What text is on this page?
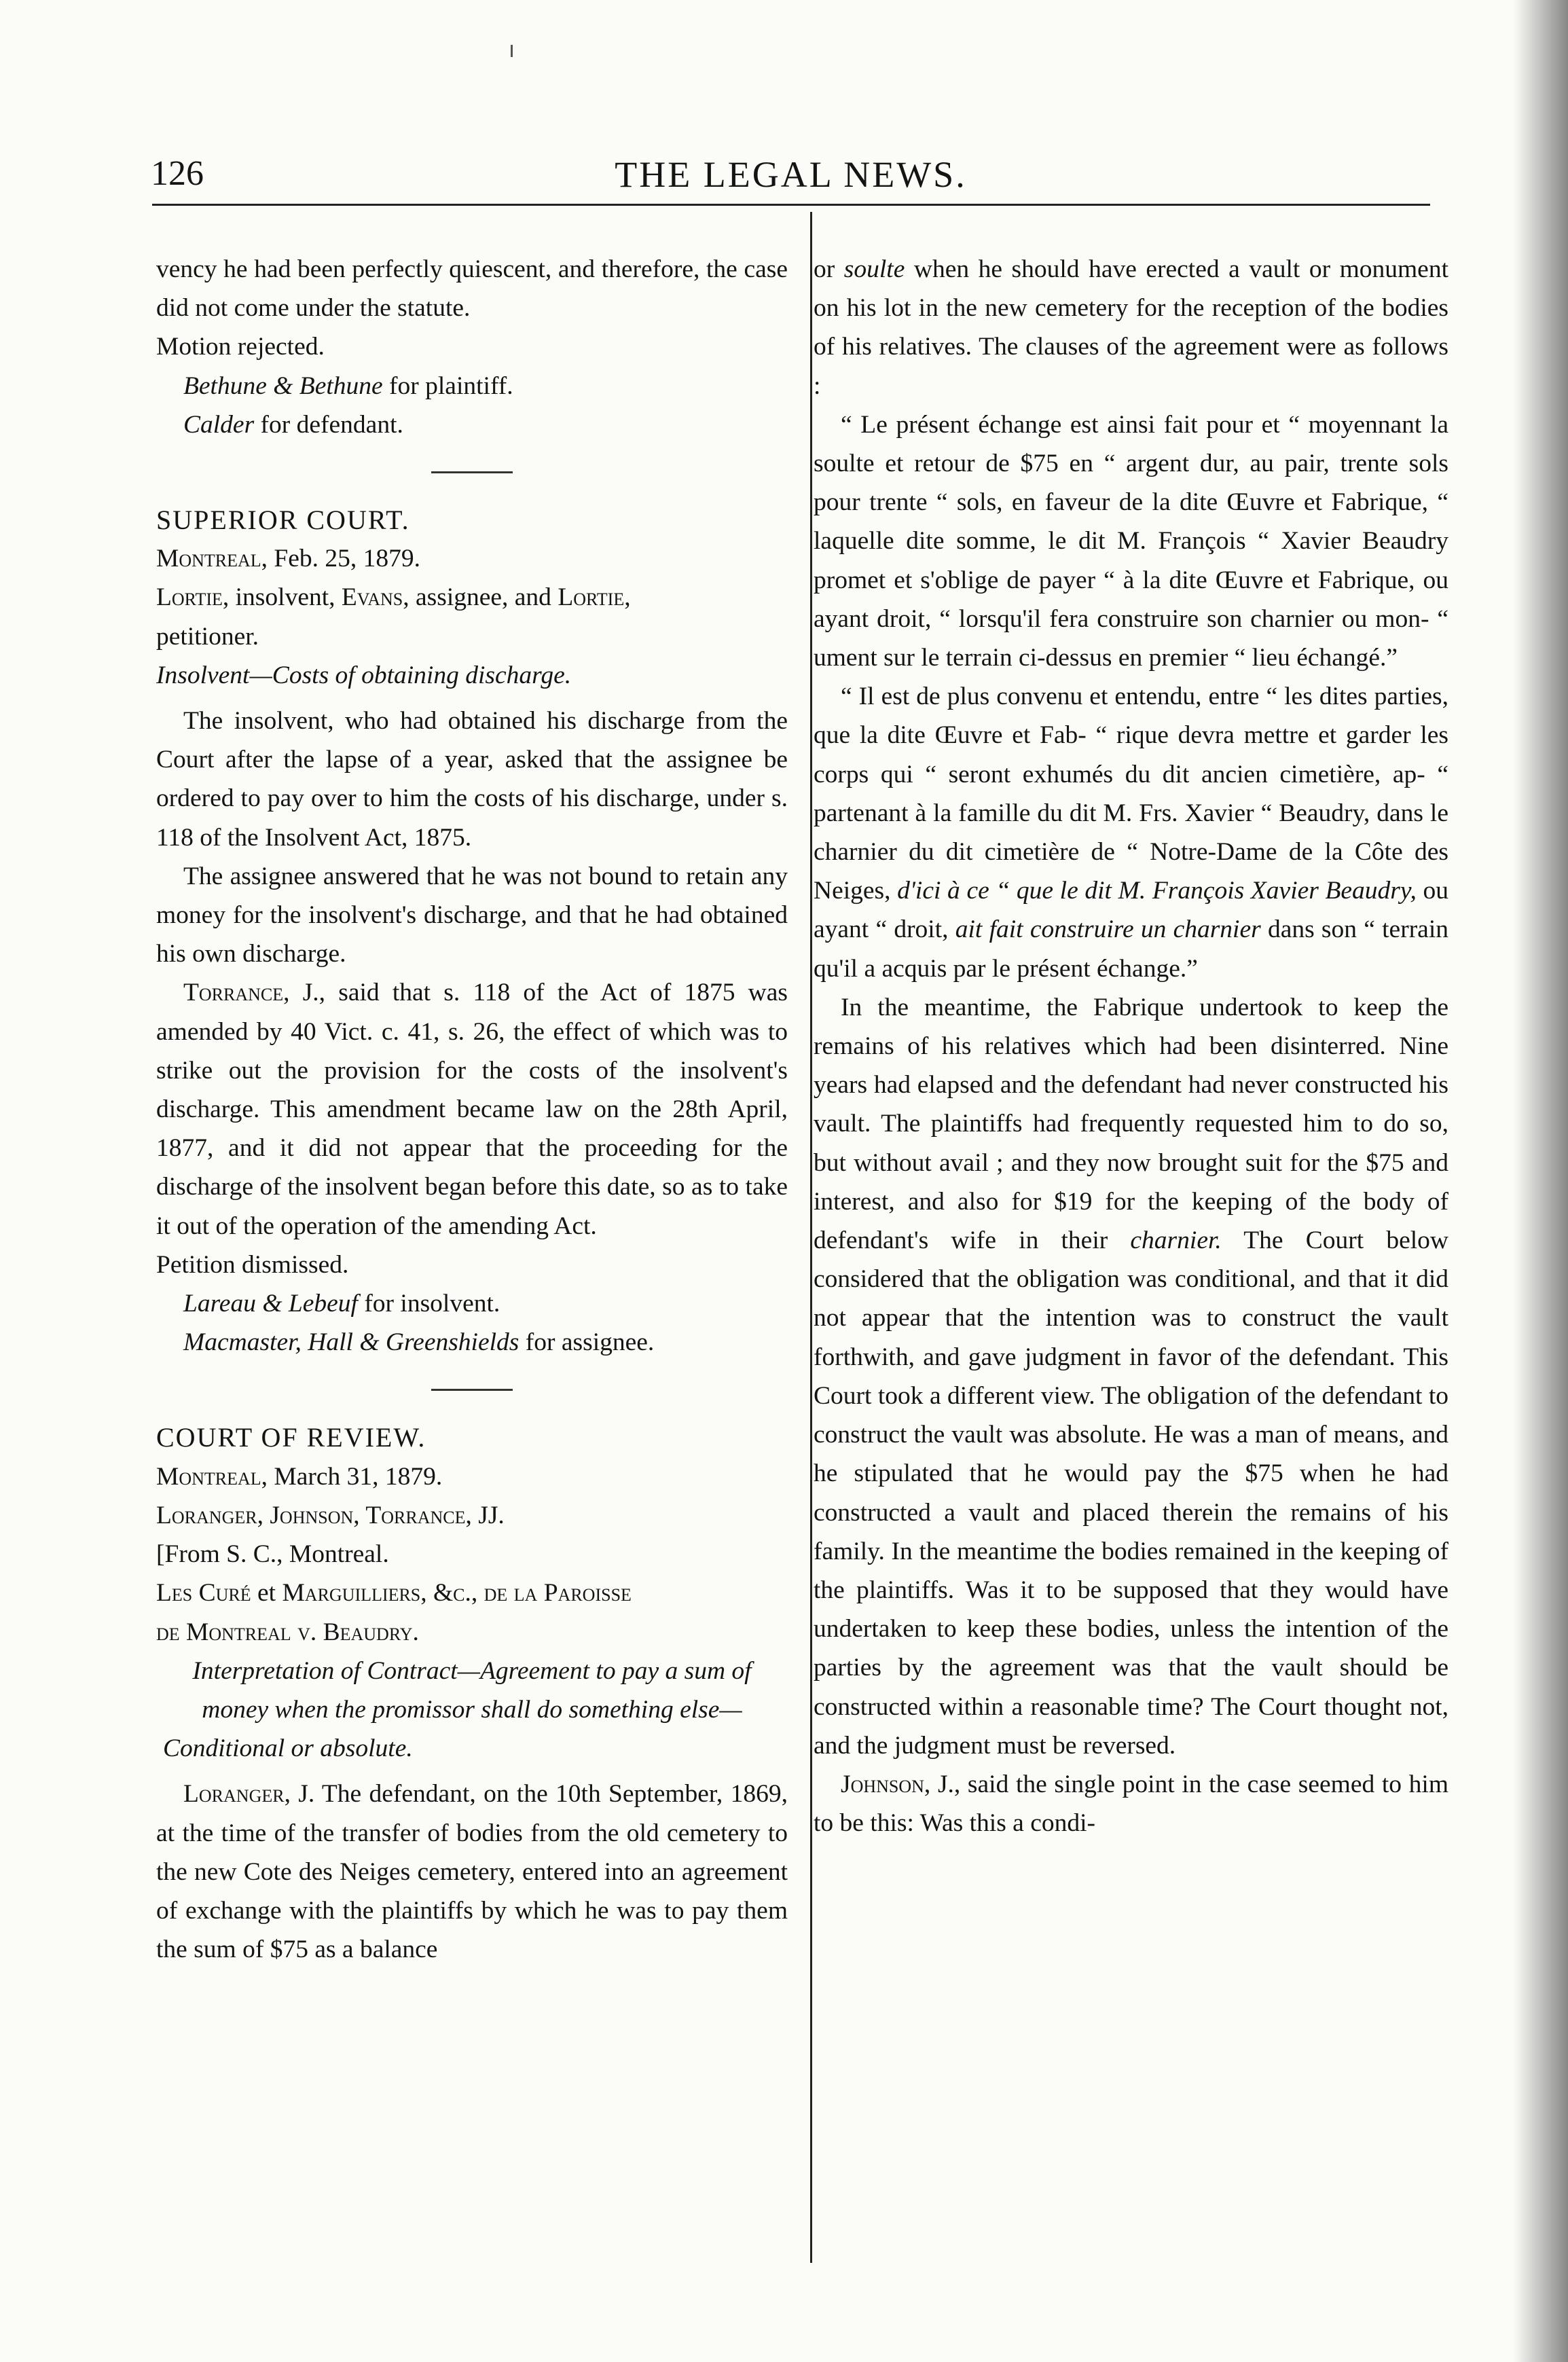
126	THE LEGAL NEWS.

vency he had been perfectly quiescent, and therefore, the case did not come under the statute.

Motion rejected.

Bethune & Bethune for plaintiff.

Calder for defendant.

SUPERIOR COURT.

Montreal, Feb. 25, 1879.

Lortie, insolvent, Evans, assignee, and Lortie,
petitioner.

Insolvent—Costs of obtaining discharge.

The insolvent, who had obtained his discharge from the Court after the lapse of a year, asked that the assignee be ordered to pay over to him the costs of his discharge, under s. 118 of the Insolvent Act, 1875.

The assignee answered that he was not bound to retain any money for the insolvent's discharge, and that he had obtained his own discharge.

Torrance, J., said that s. 118 of the Act of 1875 was amended by 40 Vict. c. 41, s. 26, the effect of which was to strike out the provision for the costs of the insolvent's discharge. This amendment became law on the 28th April, 1877, and it did not appear that the proceeding for the discharge of the insolvent began before this date, so as to take it out of the operation of the amending Act.

Petition dismissed.

Lareau & Lebeuf for insolvent.

Macmaster, Hall & Greenshields for assignee.

COURT OF REVIEW.

Montreal, March 31, 1879.

Loranger, Johnson, Torrance, JJ.

[From S. C., Montreal.

Les Curé et Marguilliers, &c., de la Paroisse
de Montreal v. Beaudry.

Interpretation of Contract—Agreement to pay a sum of money when the promissor shall do something else—Conditional or absolute.

Loranger, J. The defendant, on the 10th September, 1869, at the time of the transfer of bodies from the old cemetery to the new Cote des Neiges cemetery, entered into an agreement of exchange with the plaintiffs by which he was to pay them the sum of $75 as a balance

or soulte when he should have erected a vault or monument on his lot in the new cemetery for the reception of the bodies of his relatives. The clauses of the agreement were as follows :

“ Le présent échange est ainsi fait pour et “ moyennant la soulte et retour de $75 en “ argent dur, au pair, trente sols pour trente “ sols, en faveur de la dite Œuvre et Fabrique, “ laquelle dite somme, le dit M. François “ Xavier Beaudry promet et s'oblige de payer “ à la dite Œuvre et Fabrique, ou ayant droit, “ lorsqu'il fera construire son charnier ou mon- “ ument sur le terrain ci-dessus en premier “ lieu échangé.”

“ Il est de plus convenu et entendu, entre “ les dites parties, que la dite Œuvre et Fab- “ rique devra mettre et garder les corps qui “ seront exhumés du dit ancien cimetière, ap- “ partenant à la famille du dit M. Frs. Xavier “ Beaudry, dans le charnier du dit cimetière de “ Notre-Dame de la Côte des Neiges, d'ici à ce “ que le dit M. François Xavier Beaudry, ou ayant “ droit, ait fait construire un charnier dans son “ terrain qu'il a acquis par le présent échange.”

In the meantime, the Fabrique undertook to keep the remains of his relatives which had been disinterred. Nine years had elapsed and the defendant had never constructed his vault. The plaintiffs had frequently requested him to do so, but without avail ; and they now brought suit for the $75 and interest, and also for $19 for the keeping of the body of defendant's wife in their charnier. The Court below considered that the obligation was conditional, and that it did not appear that the intention was to construct the vault forthwith, and gave judgment in favor of the defendant. This Court took a different view. The obligation of the defendant to construct the vault was absolute. He was a man of means, and he stipulated that he would pay the $75 when he had constructed a vault and placed therein the remains of his family. In the meantime the bodies remained in the keeping of the plaintiffs. Was it to be supposed that they would have undertaken to keep these bodies, unless the intention of the parties by the agreement was that the vault should be constructed within a reasonable time? The Court thought not, and the judgment must be reversed.

Johnson, J., said the single point in the case seemed to him to be this: Was this a condi-
